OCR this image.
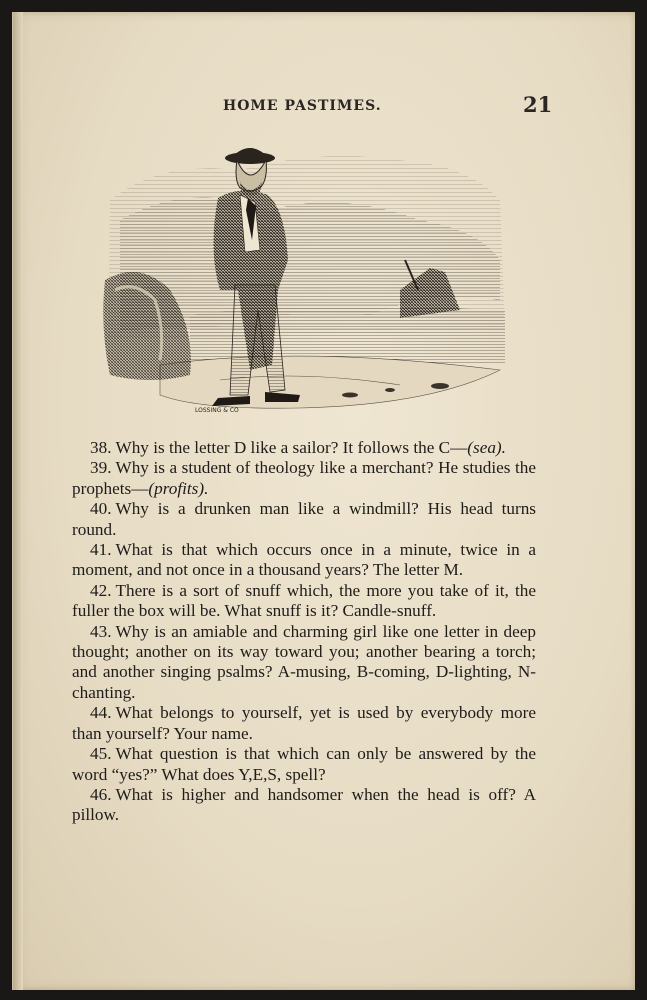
HOME PASTIMES.	21
LOSSING & CO

38. Why is the letter D like a sailor? It follows the C—(sea).

39. Why is a student of theology like a merchant? He studies the prophets—(profits).

40. Why is a drunken man like a windmill? His head turns round.

41. What is that which occurs once in a minute, twice in a moment, and not once in a thousand years? The letter M.

42. There is a sort of snuff which, the more you take of it, the fuller the box will be. What snuff is it? Candle-snuff.

43. Why is an amiable and charming girl like one letter in deep thought; another on its way toward you; another bearing a torch; and another singing psalms? A-musing, B-coming, D-lighting, N-chanting.

44. What belongs to yourself, yet is used by everybody more than yourself? Your name.

45. What question is that which can only be answered by the word “yes?” What does Y,E,S, spell?

46. What is higher and handsomer when the head is off? A pillow.
